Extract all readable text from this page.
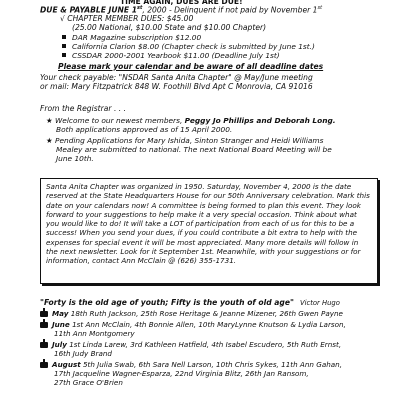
TIME AGAIN, DUES ARE DUE!
DUE & PAYABLE JUNE 1st, 2000 - Delinquent if not paid by November 1st
√ CHAPTER MEMBER DUES: $45.00
(25.00 National, $10.00 State and $10.00 Chapter)
DAR Magazine subscription $12.00
California Clarion $8.00 (Chapter check is submitted by June 1st.)
CSSDAR 2000-2001 Yearbook $11.00 (Deadline July 1st)
Please mark your calendar and be aware of all deadline dates
Your check payable: "NSDAR Santa Anita Chapter" @ May/June meeting
or mail: Mary Fitzpatrick 848 W. Foothill Blvd Apt C Monrovia, CA 91016
From the Registrar . . .
★ Welcome to our newest members, Peggy Jo Phillips and Deborah Long.
Both applications approved as of 15 April 2000.
★ Pending Applications for Mary Ishida, Sinton Stranger and Heidi Williams
Mealey are submitted to national. The next National Board Meeting will be
June 10th.

Santa Anita Chapter was organized in 1950. Saturday, November 4, 2000 is the date reserved at the State Headquarters House for our 50th Anniversary celebration. Mark this date on your calendars now! A committee is being formed to plan this event. They look forward to your suggestions to help make it a very special occasion. Think about what you would like to do! It will take a LOT of participation from each of us for this to be a success! When you send your dues, if you could contribute a bit extra to help with the expenses for special event it will be most appreciated. Many more details will follow in the next newsletter. Look for it September 1st. Meanwhile, with your suggestions or for information, contact Ann McClain @ (626) 355-1731.

"Forty is the old age of youth; Fifty is the youth of old age" Victor Hugo
May 18th Ruth Jackson, 25th Rose Heritage & Jeanne Mizener, 26th Gwen Payne
June 1st Ann McClain, 4th Bonnie Allen, 10th MaryLynne Knutson & Lydia Larson,
11th Ann Montgomery
July 1st Linda Larew, 3rd Kathleen Hatfield, 4th Isabel Escudero, 5th Ruth Ernst,
16th Judy Brand
August 5th Julia Swab, 6th Sara Nell Larson, 10th Chris Sykes, 11th Ann Gahan,
17th Jacqueline Wagner-Esparza, 22nd Virginia Blitz, 26th Jan Ransom,
27th Grace O'Brien
